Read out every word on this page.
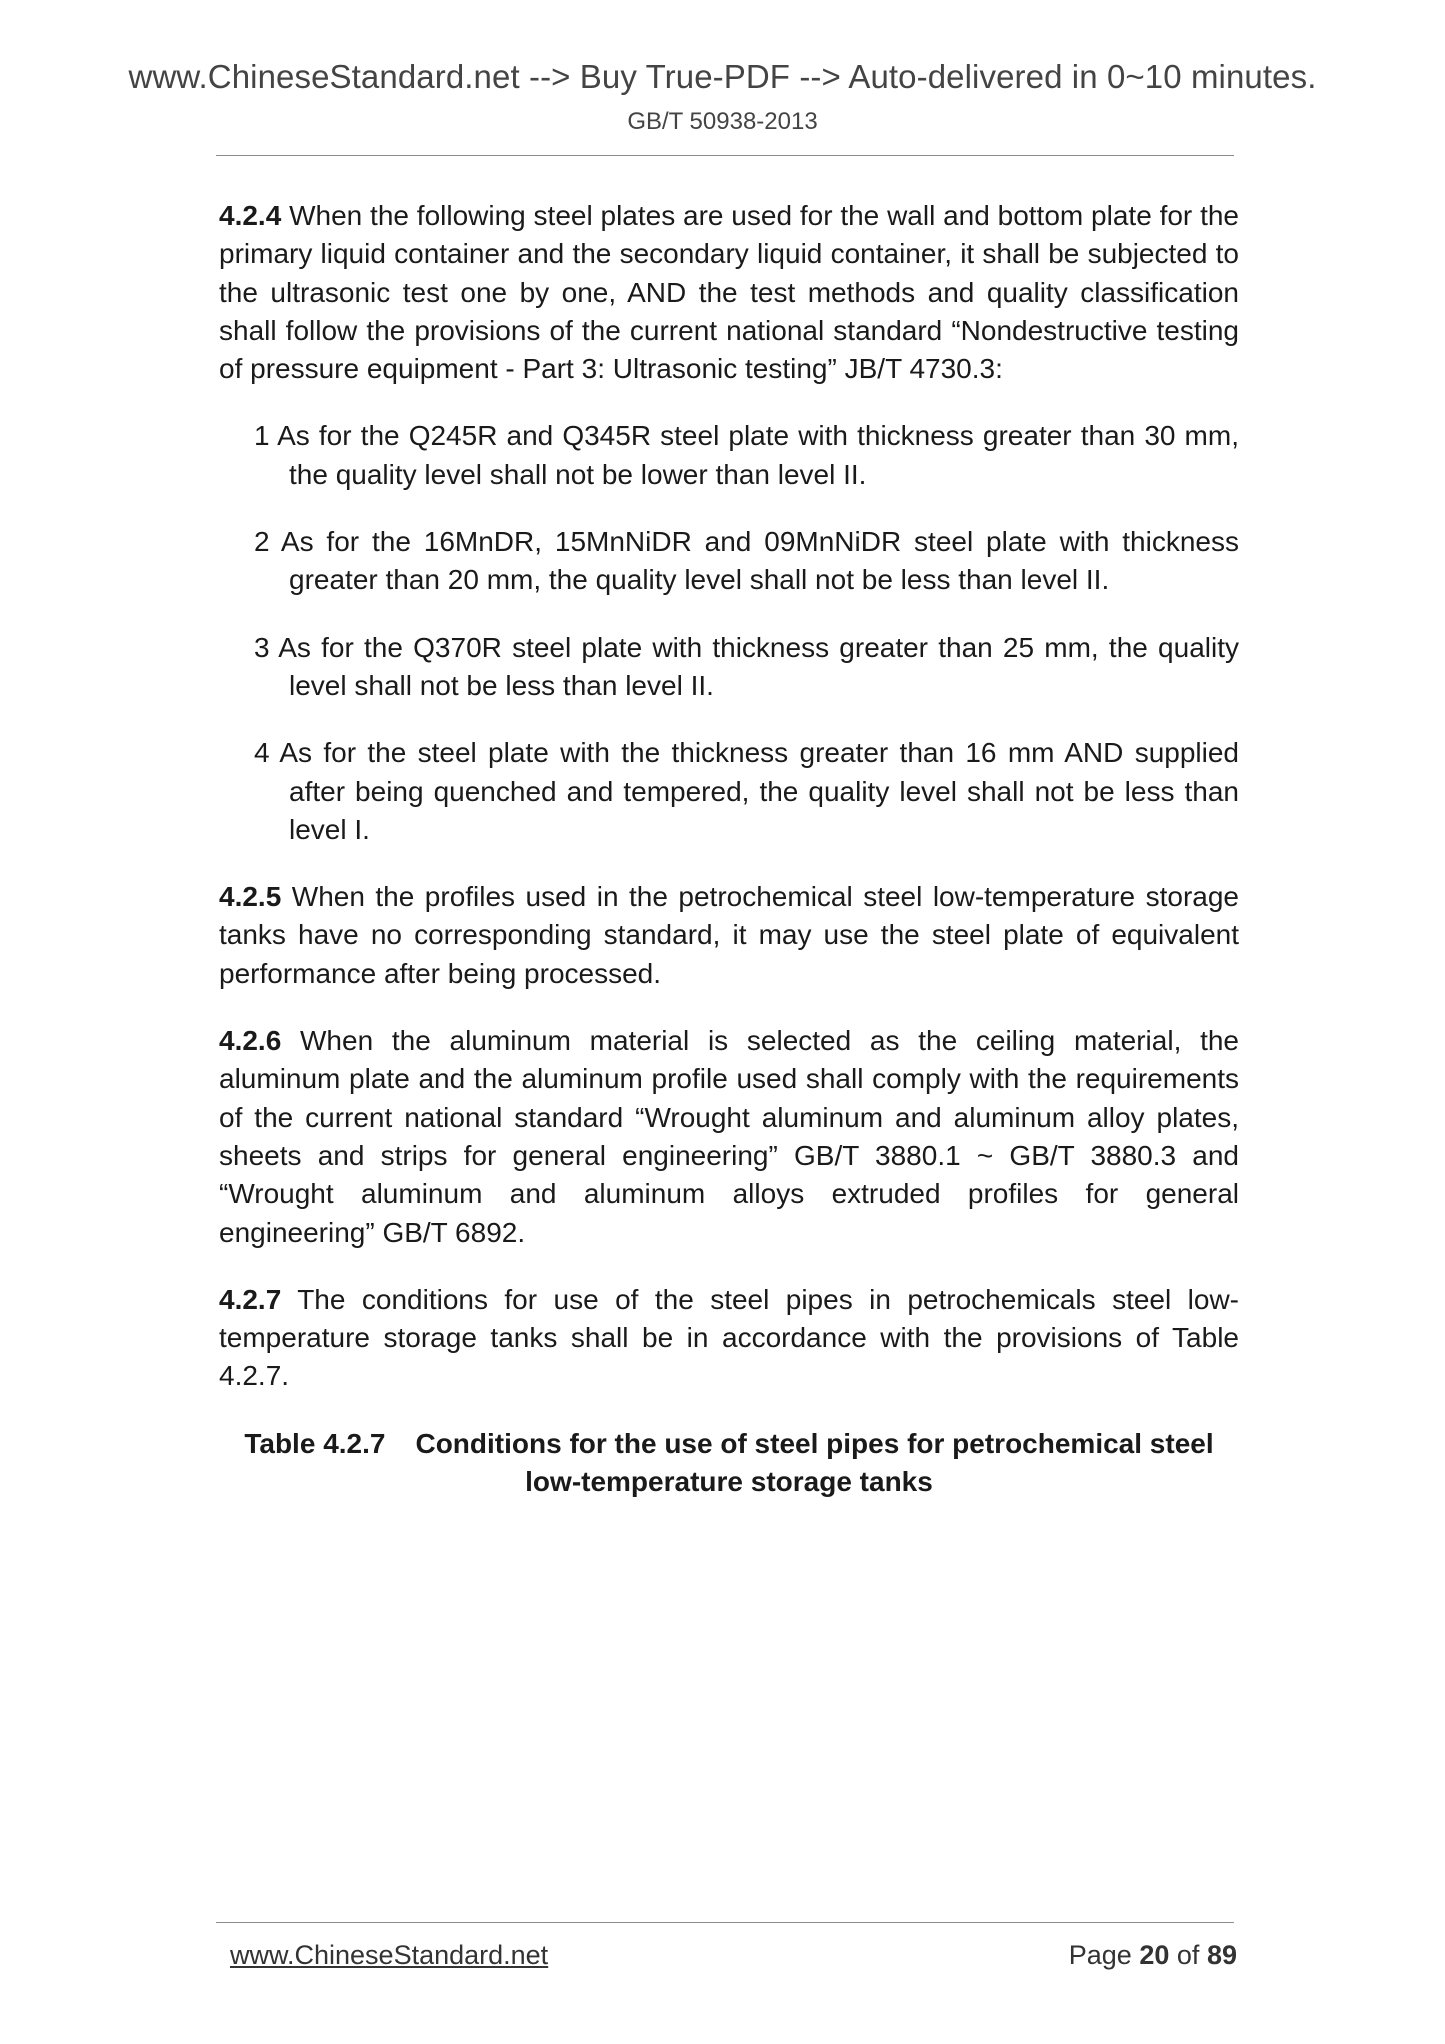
www.ChineseStandard.net --> Buy True-PDF --> Auto-delivered in 0~10 minutes.
GB/T 50938-2013

4.2.4 When the following steel plates are used for the wall and bottom plate for the primary liquid container and the secondary liquid container, it shall be subjected to the ultrasonic test one by one, AND the test methods and quality classification shall follow the provisions of the current national standard “Nondestructive testing of pressure equipment - Part 3: Ultrasonic testing” JB/T 4730.3:

1 As for the Q245R and Q345R steel plate with thickness greater than 30 mm, the quality level shall not be lower than level II.

2 As for the 16MnDR, 15MnNiDR and 09MnNiDR steel plate with thickness greater than 20 mm, the quality level shall not be less than level II.

3 As for the Q370R steel plate with thickness greater than 25 mm, the quality level shall not be less than level II.

4 As for the steel plate with the thickness greater than 16 mm AND supplied after being quenched and tempered, the quality level shall not be less than level I.

4.2.5 When the profiles used in the petrochemical steel low-temperature storage tanks have no corresponding standard, it may use the steel plate of equivalent performance after being processed.

4.2.6 When the aluminum material is selected as the ceiling material, the aluminum plate and the aluminum profile used shall comply with the requirements of the current national standard “Wrought aluminum and aluminum alloy plates, sheets and strips for general engineering” GB/T 3880.1 ~ GB/T 3880.3 and “Wrought aluminum and aluminum alloys extruded profiles for general engineering” GB/T 6892.

4.2.7 The conditions for use of the steel pipes in petrochemicals steel low-temperature storage tanks shall be in accordance with the provisions of Table 4.2.7.

Table 4.2.7 Conditions for the use of steel pipes for petrochemical steel
low-temperature storage tanks
www.ChineseStandard.net	Page 20 of 89
